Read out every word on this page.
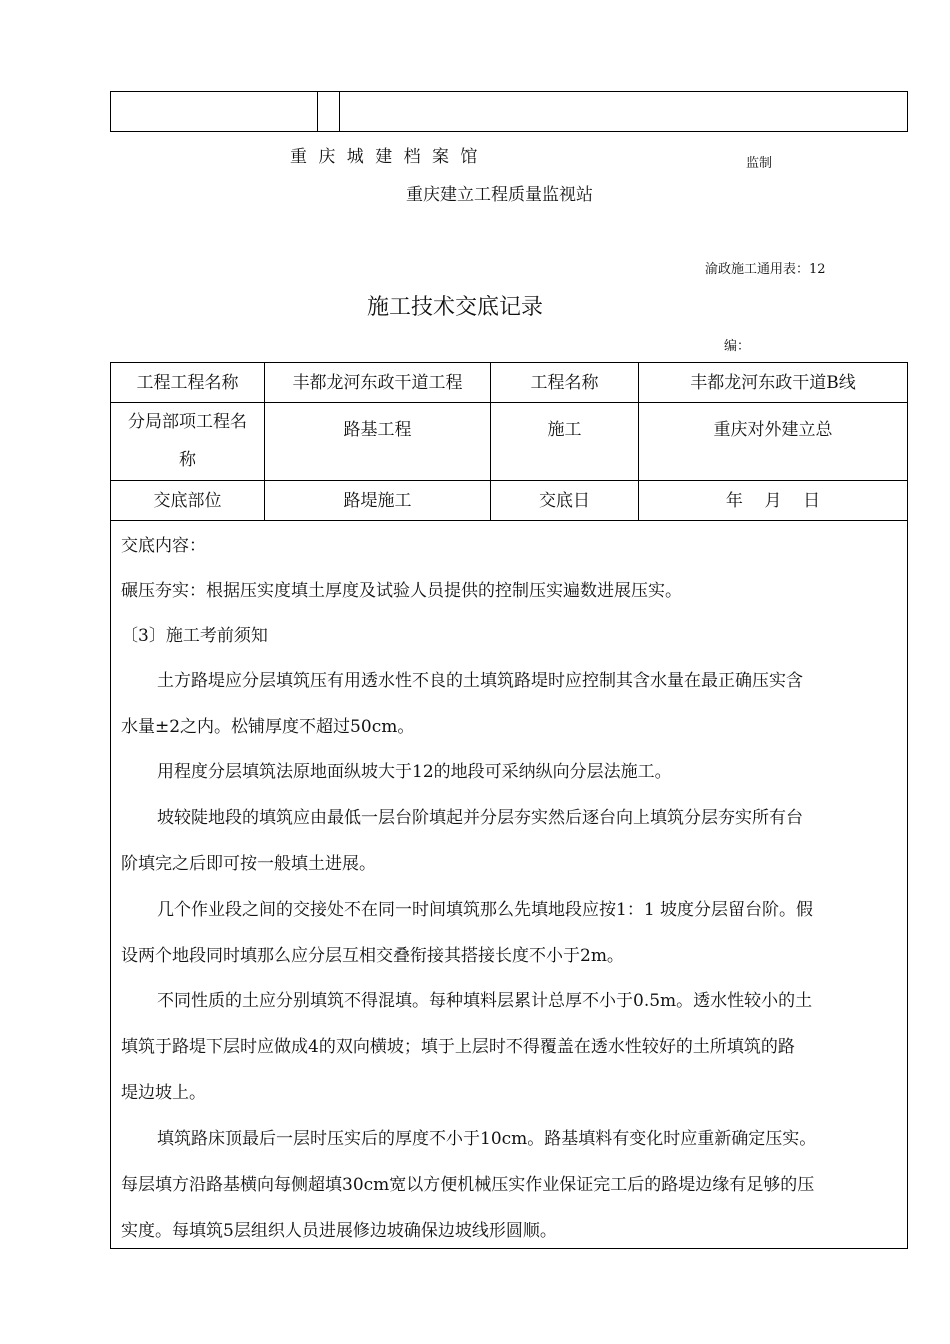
重 庆 城 建 档 案 馆	监制
重庆建立工程质量监视站
渝政施工通用表：12
施工技术交底记录
编：
工程工程名称	丰都龙河东政干道工程	工程名称	丰都龙河东政干道B线
分局部项工程名
称
路基工程	施工	重庆对外建立总
交底部位	路堤施工	交底日	年    月    日

交底内容：

碾压夯实：根据压实度填土厚度及试验人员提供的控制压实遍数进展压实。

〔3〕施工考前须知

土方路堤应分层填筑压有用透水性不良的土填筑路堤时应控制其含水量在最正确压实含

水量±2之内。松铺厚度不超过50cm。

用程度分层填筑法原地面纵坡大于12的地段可采纳纵向分层法施工。

坡较陡地段的填筑应由最低一层台阶填起并分层夯实然后逐台向上填筑分层夯实所有台

阶填完之后即可按一般填土进展。

几个作业段之间的交接处不在同一时间填筑那么先填地段应按1：1 坡度分层留台阶。假

设两个地段同时填那么应分层互相交叠衔接其搭接长度不小于2m。

不同性质的土应分别填筑不得混填。每种填料层累计总厚不小于0.5m。透水性较小的土

填筑于路堤下层时应做成4的双向横坡；填于上层时不得覆盖在透水性较好的土所填筑的路

堤边坡上。

填筑路床顶最后一层时压实后的厚度不小于10cm。路基填料有变化时应重新确定压实。

每层填方沿路基横向每侧超填30cm宽以方便机械压实作业保证完工后的路堤边缘有足够的压

实度。每填筑5层组织人员进展修边坡确保边坡线形圆顺。
